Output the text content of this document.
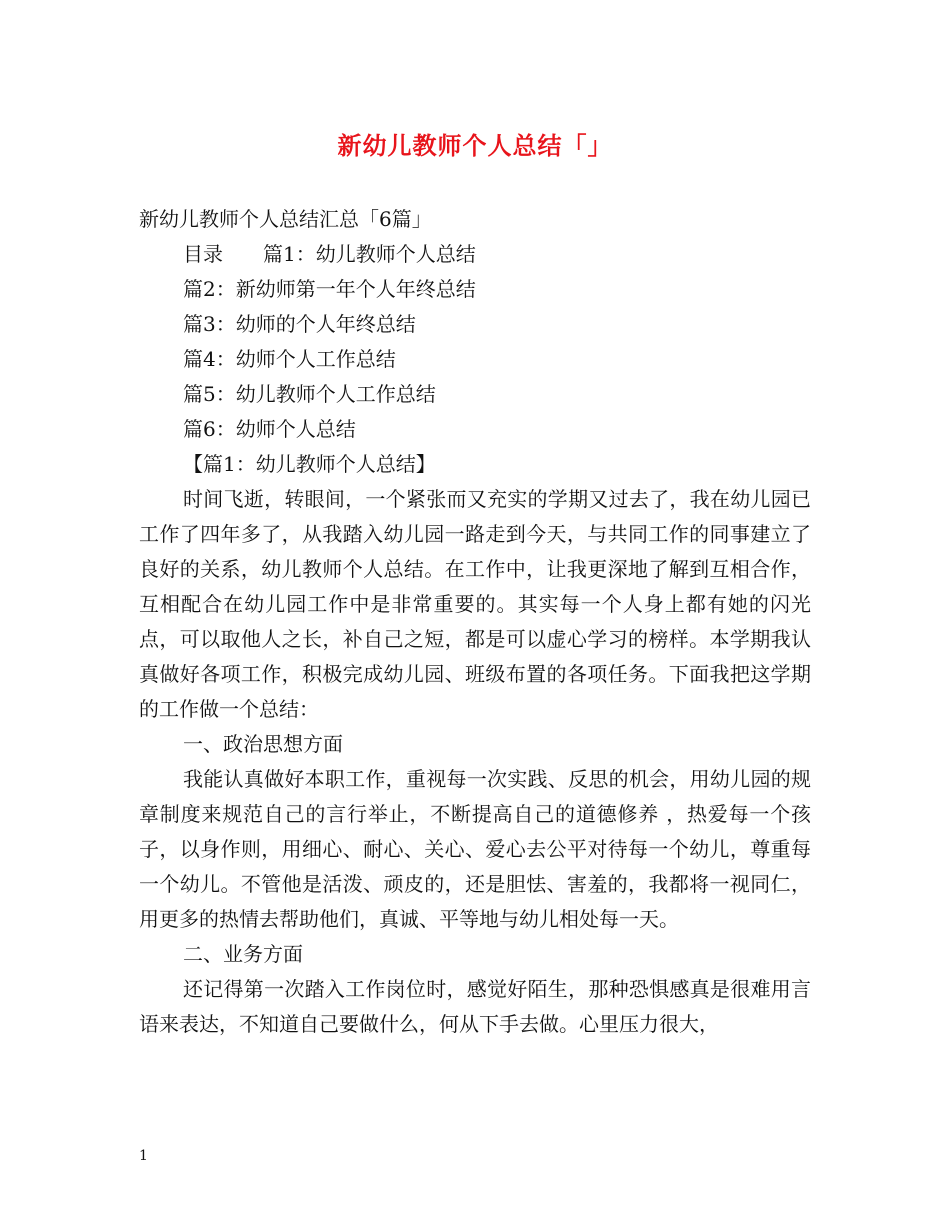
新幼儿教师个人总结「」

新幼儿教师个人总结汇总「6篇」

目录 篇1：幼儿教师个人总结

篇2：新幼师第一年个人年终总结

篇3：幼师的个人年终总结

篇4：幼师个人工作总结

篇5：幼儿教师个人工作总结

篇6：幼师个人总结

【篇1：幼儿教师个人总结】

时间飞逝，转眼间，一个紧张而又充实的学期又过去了，我在幼儿园已工作了四年多了，从我踏入幼儿园一路走到今天，与共同工作的同事建立了良好的关系，幼儿教师个人总结。在工作中，让我更深地了解到互相合作，互相配合在幼儿园工作中是非常重要的。其实每一个人身上都有她的闪光点，可以取他人之长，补自己之短，都是可以虚心学习的榜样。本学期我认真做好各项工作，积极完成幼儿园、班级布置的各项任务。下面我把这学期的工作做一个总结：

一、政治思想方面

我能认真做好本职工作，重视每一次实践、反思的机会，用幼儿园的规章制度来规范自己的言行举止，不断提高自己的道德修养 ，热爱每一个孩子，以身作则，用细心、耐心、关心、爱心去公平对待每一个幼儿，尊重每一个幼儿。不管他是活泼、顽皮的，还是胆怯、害羞的，我都将一视同仁，用更多的热情去帮助他们，真诚、平等地与幼儿相处每一天。

二、业务方面

还记得第一次踏入工作岗位时，感觉好陌生，那种恐惧感真是很难用言语来表达，不知道自己要做什么，何从下手去做。心里压力很大，

1
